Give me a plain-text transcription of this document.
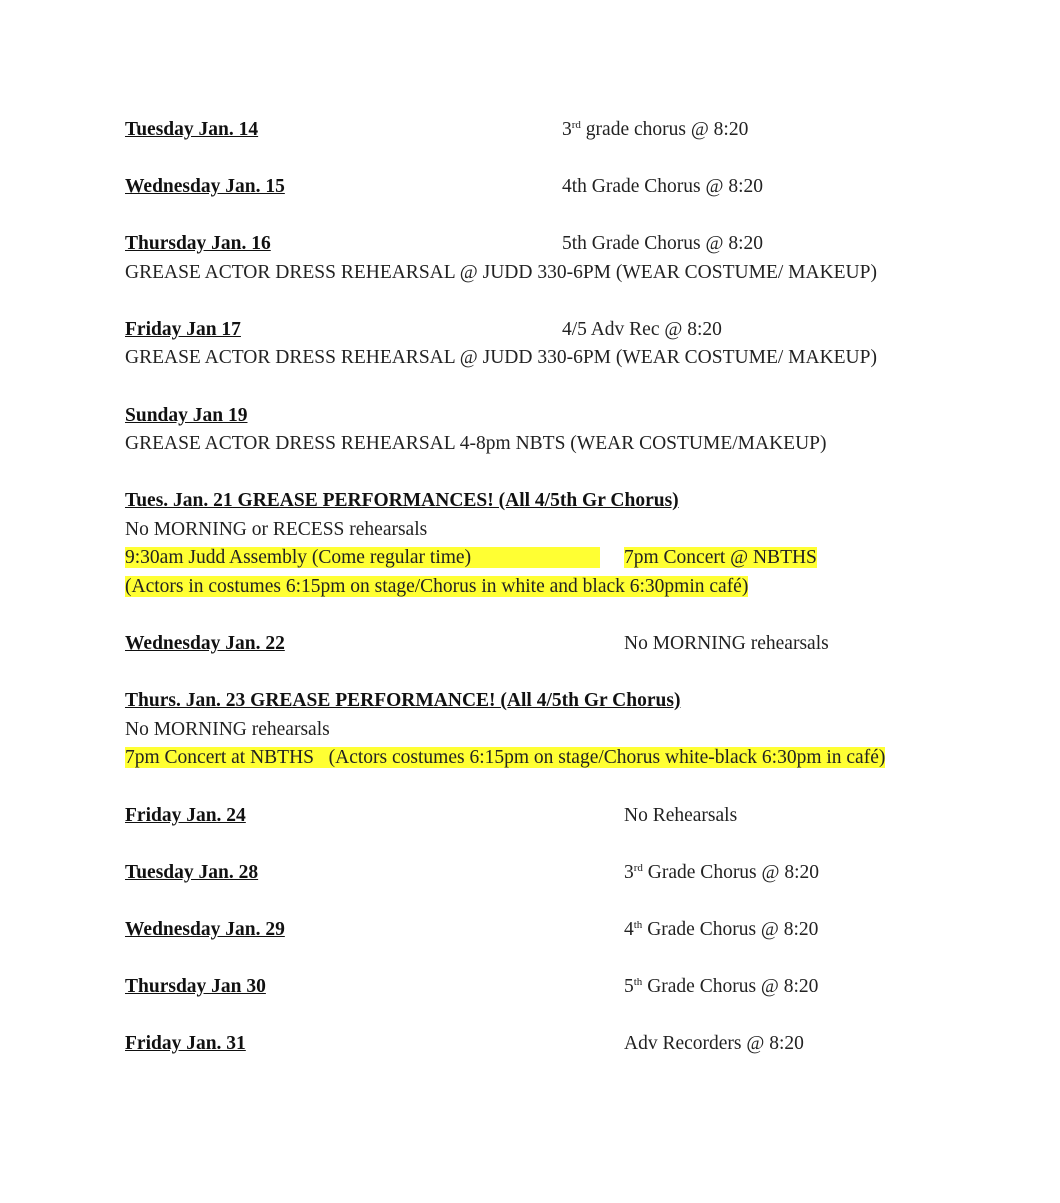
Tuesday Jan. 14	3rd grade chorus @ 8:20
Wednesday Jan. 15	4th Grade Chorus @ 8:20
Thursday Jan. 16	5th Grade Chorus @ 8:20
GREASE ACTOR DRESS REHEARSAL @ JUDD 330-6PM (WEAR COSTUME/ MAKEUP)
Friday Jan 17	4/5 Adv Rec @ 8:20
GREASE ACTOR DRESS REHEARSAL @ JUDD 330-6PM (WEAR COSTUME/ MAKEUP)
Sunday Jan 19
GREASE ACTOR DRESS REHEARSAL 4-8pm NBTS (WEAR COSTUME/MAKEUP)
Tues. Jan. 21 GREASE PERFORMANCES! (All 4/5th Gr Chorus)
No MORNING or RECESS rehearsals
9:30am Judd Assembly (Come regular time)	7pm Concert @ NBTHS
(Actors in costumes 6:15pm on stage/Chorus in white and black 6:30pmin café)
Wednesday Jan. 22	No MORNING rehearsals
Thurs. Jan. 23 GREASE PERFORMANCE! (All 4/5th Gr Chorus)
No MORNING rehearsals
7pm Concert at NBTHS   (Actors costumes 6:15pm on stage/Chorus white-black 6:30pm in café)
Friday Jan. 24	No Rehearsals
Tuesday Jan. 28	3rd Grade Chorus @ 8:20
Wednesday Jan. 29	4th Grade Chorus @ 8:20
Thursday Jan 30	5th Grade Chorus @ 8:20
Friday Jan. 31	Adv Recorders @ 8:20
